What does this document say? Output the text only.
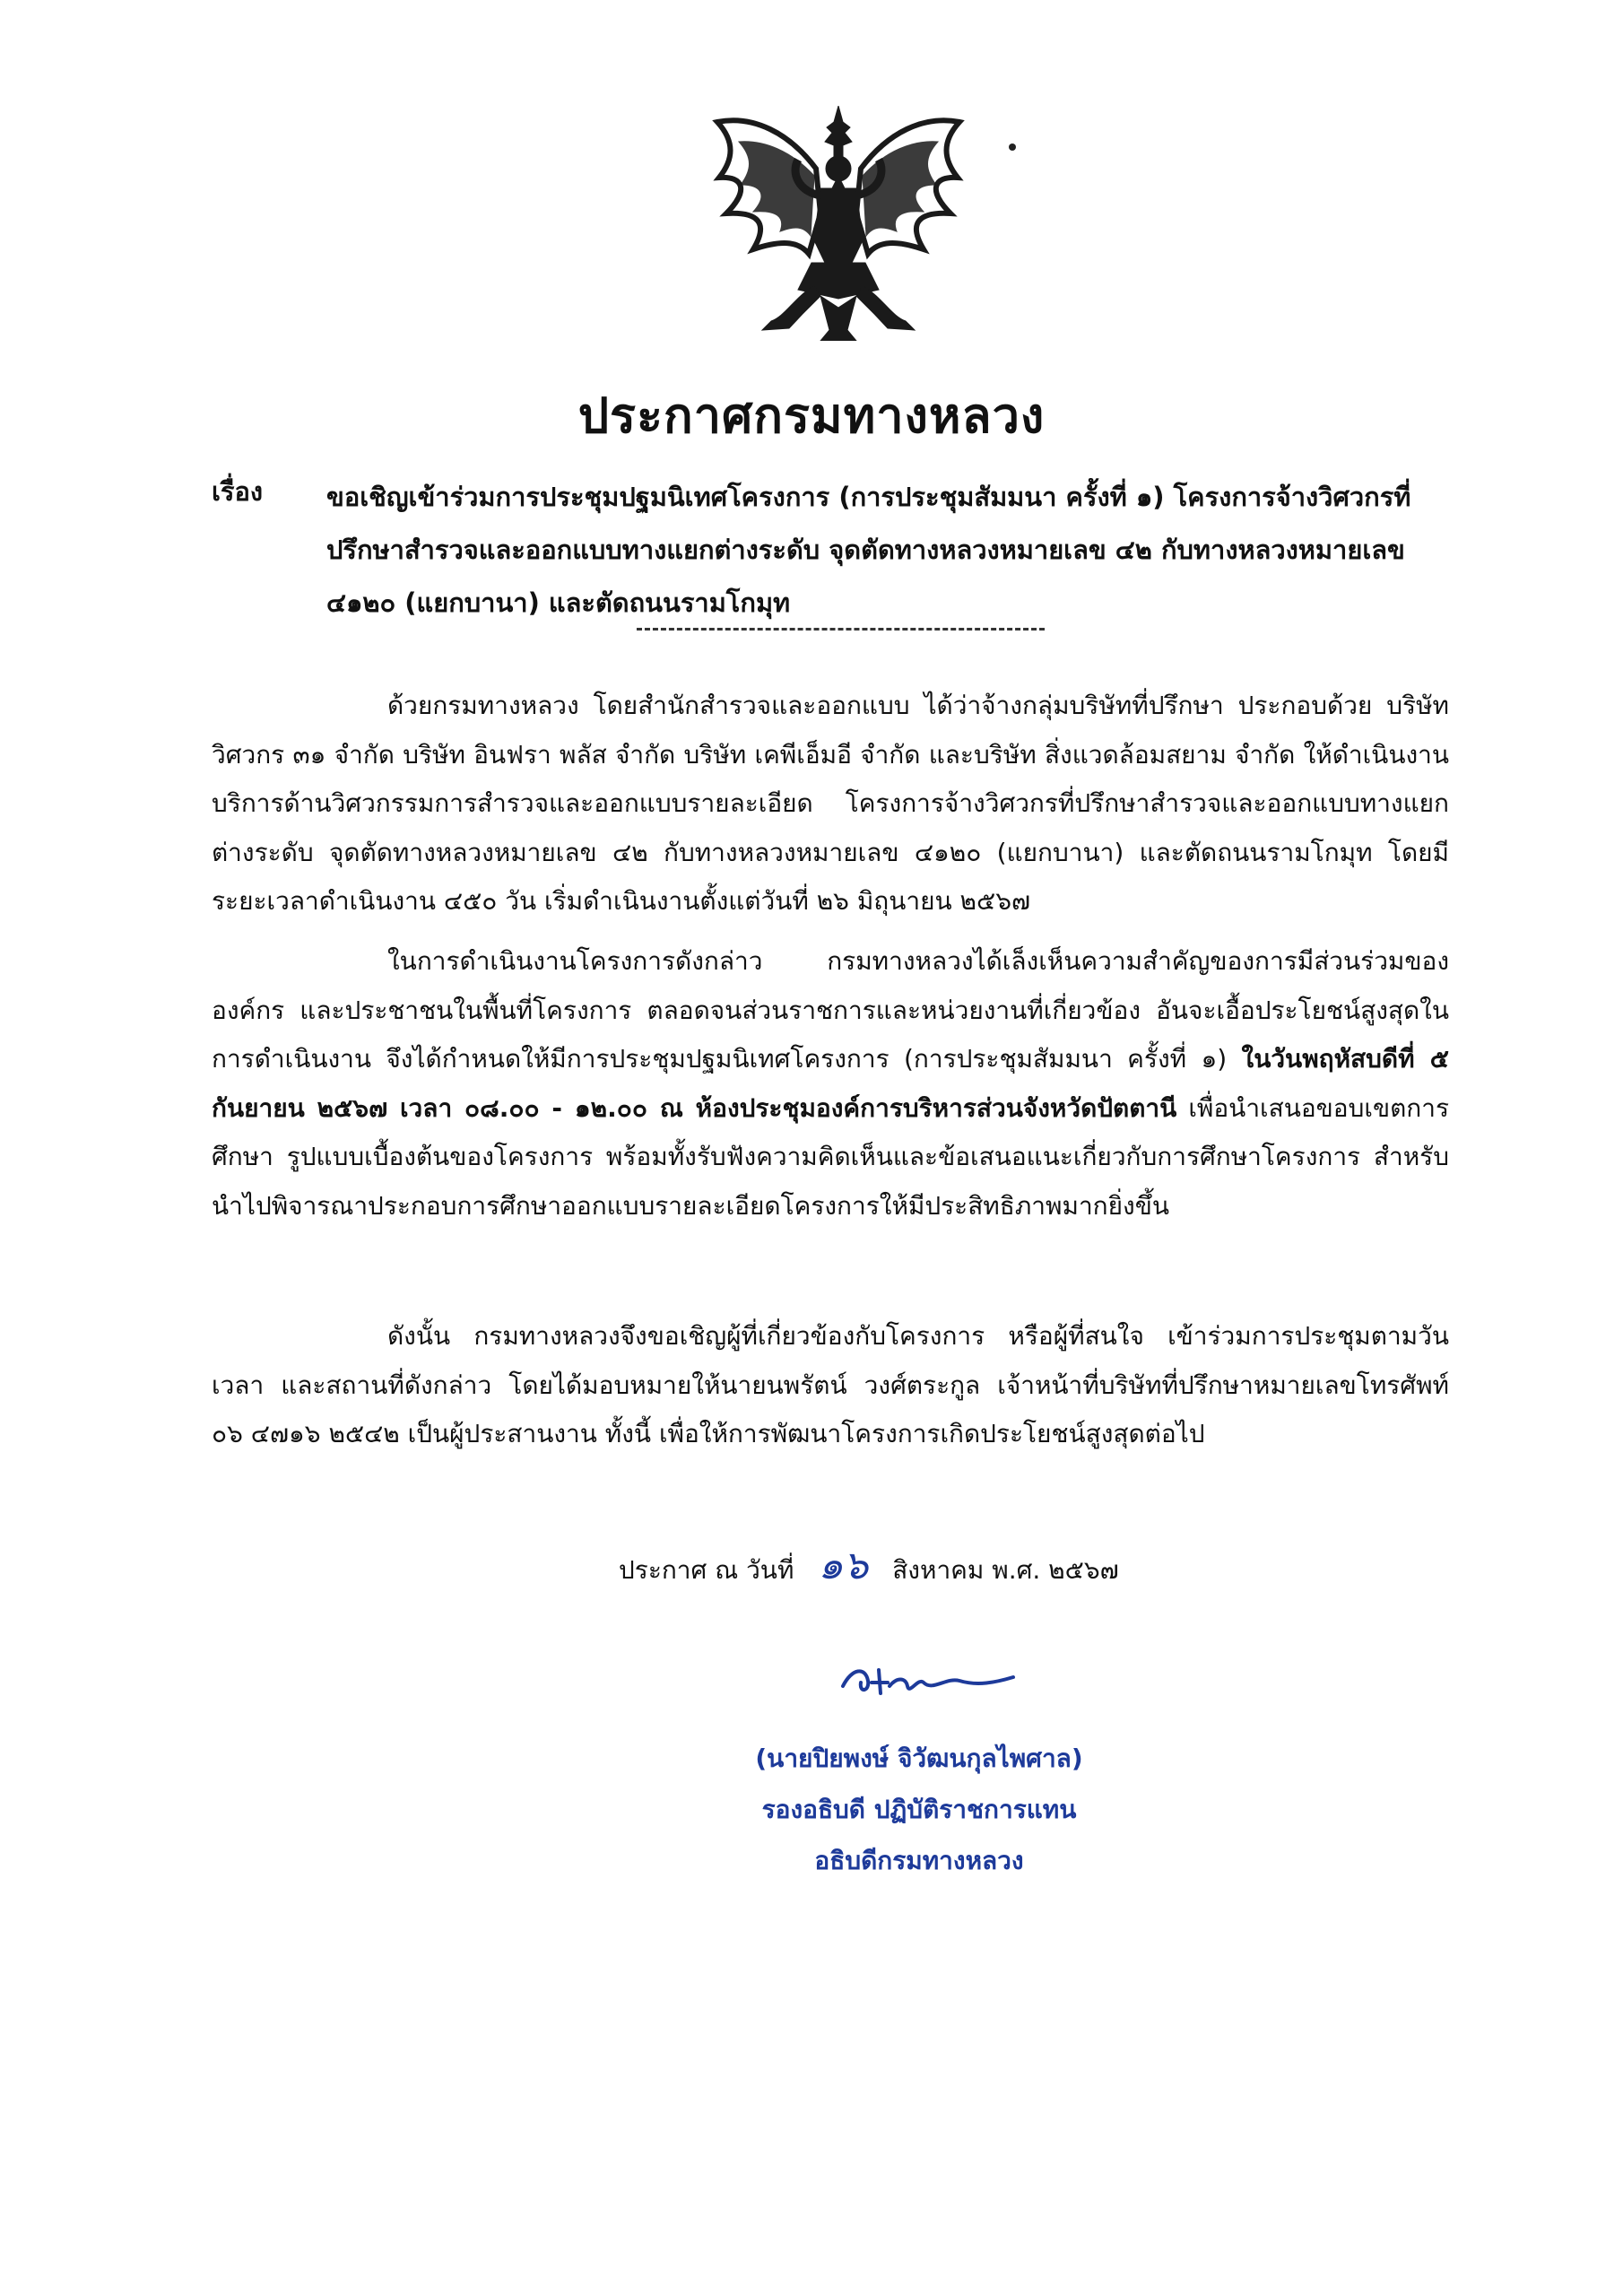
ประกาศกรมทางหลวง
เรื่อง	ขอเชิญเข้าร่วมการประชุมปฐมนิเทศโครงการ (การประชุมสัมมนา ครั้งที่ ๑) โครงการจ้างวิศวกรที่ปรึกษาสำรวจและออกแบบทางแยกต่างระดับ จุดตัดทางหลวงหมายเลข ๔๒ กับทางหลวงหมายเลข ๔๑๒๐ (แยกบานา) และตัดถนนรามโกมุท

ด้วยกรมทางหลวง โดยสำนักสำรวจและออกแบบ ได้ว่าจ้างกลุ่มบริษัทที่ปรึกษา ประกอบด้วย บริษัท วิศวกร ๓๑ จำกัด บริษัท อินฟรา พลัส จำกัด บริษัท เคพีเอ็มอี จำกัด และบริษัท สิ่งแวดล้อมสยาม จำกัด ให้ดำเนินงานบริการด้านวิศวกรรมการสำรวจและออกแบบรายละเอียด โครงการจ้างวิศวกรที่ปรึกษาสำรวจและออกแบบทางแยกต่างระดับ จุดตัดทางหลวงหมายเลข ๔๒ กับทางหลวงหมายเลข ๔๑๒๐ (แยกบานา) และตัดถนนรามโกมุท โดยมีระยะเวลาดำเนินงาน ๔๕๐ วัน เริ่มดำเนินงานตั้งแต่วันที่ ๒๖ มิถุนายน ๒๕๖๗

ในการดำเนินงานโครงการดังกล่าว กรมทางหลวงได้เล็งเห็นความสำคัญของการมีส่วนร่วมขององค์กร และประชาชนในพื้นที่โครงการ ตลอดจนส่วนราชการและหน่วยงานที่เกี่ยวข้อง อันจะเอื้อประโยชน์สูงสุดในการดำเนินงาน จึงได้กำหนดให้มีการประชุมปฐมนิเทศโครงการ (การประชุมสัมมนา ครั้งที่ ๑) ในวันพฤหัสบดีที่ ๕ กันยายน ๒๕๖๗ เวลา ๐๘.๐๐ - ๑๒.๐๐ ณ ห้องประชุมองค์การบริหารส่วนจังหวัดปัตตานี เพื่อนำเสนอขอบเขตการศึกษา รูปแบบเบื้องต้นของโครงการ พร้อมทั้งรับฟังความคิดเห็นและข้อเสนอแนะเกี่ยวกับการศึกษาโครงการ สำหรับนำไปพิจารณาประกอบการศึกษาออกแบบรายละเอียดโครงการให้มีประสิทธิภาพมากยิ่งขึ้น

ดังนั้น กรมทางหลวงจึงขอเชิญผู้ที่เกี่ยวข้องกับโครงการ หรือผู้ที่สนใจ เข้าร่วมการประชุมตามวัน เวลา และสถานที่ดังกล่าว โดยได้มอบหมายให้นายนพรัตน์ วงศ์ตระกูล เจ้าหน้าที่บริษัทที่ปรึกษาหมายเลขโทรศัพท์ ๐๖ ๔๗๑๖ ๒๕๔๒ เป็นผู้ประสานงาน ทั้งนี้ เพื่อให้การพัฒนาโครงการเกิดประโยชน์สูงสุดต่อไป

ประกาศ ณ วันที่ ๑๖ สิงหาคม พ.ศ. ๒๕๖๗
(นายปิยพงษ์ จิวัฒนกุลไพศาล)
รองอธิบดี ปฏิบัติราชการแทน
อธิบดีกรมทางหลวง
